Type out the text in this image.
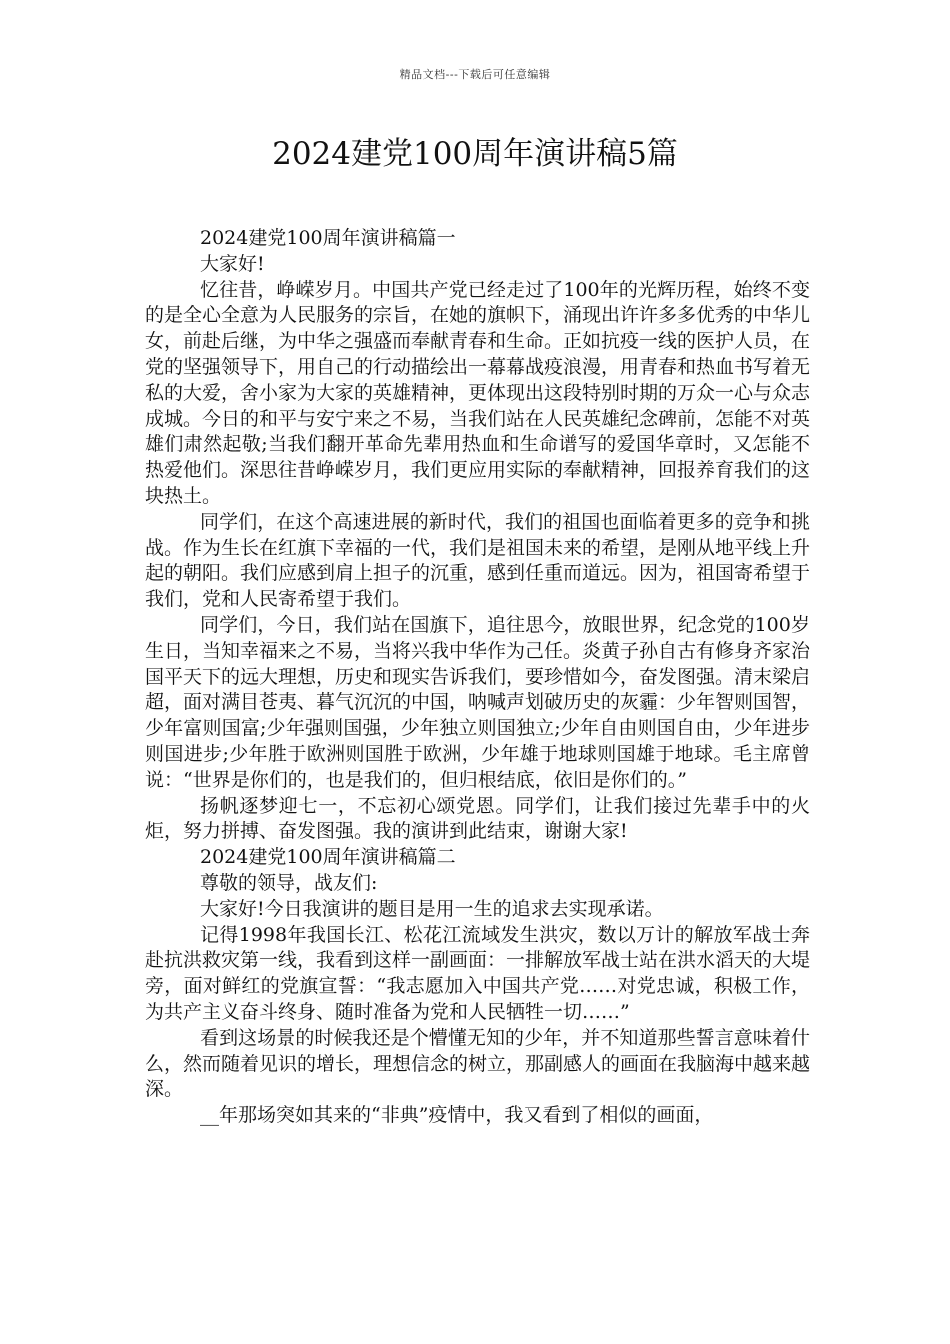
精品文档---下载后可任意编辑
2024建党100周年演讲稿5篇

2024建党100周年演讲稿篇一

大家好!

忆往昔，峥嵘岁月。中国共产党已经走过了100年的光辉历程，始终不变的是全心全意为人民服务的宗旨，在她的旗帜下，涌现出许许多多优秀的中华儿女，前赴后继，为中华之强盛而奉献青春和生命。正如抗疫一线的医护人员，在党的坚强领导下，用自己的行动描绘出一幕幕战疫浪漫，用青春和热血书写着无私的大爱，舍小家为大家的英雄精神，更体现出这段特别时期的万众一心与众志成城。今日的和平与安宁来之不易，当我们站在人民英雄纪念碑前，怎能不对英雄们肃然起敬;当我们翻开革命先辈用热血和生命谱写的爱国华章时，又怎能不热爱他们。深思往昔峥嵘岁月，我们更应用实际的奉献精神，回报养育我们的这块热土。

同学们，在这个高速进展的新时代，我们的祖国也面临着更多的竞争和挑战。作为生长在红旗下幸福的一代，我们是祖国未来的希望，是刚从地平线上升起的朝阳。我们应感到肩上担子的沉重，感到任重而道远。因为，祖国寄希望于我们，党和人民寄希望于我们。

同学们，今日，我们站在国旗下，追往思今，放眼世界，纪念党的100岁生日，当知幸福来之不易，当将兴我中华作为己任。炎黄子孙自古有修身齐家治国平天下的远大理想，历史和现实告诉我们，要珍惜如今，奋发图强。清末梁启超，面对满目苍夷、暮气沉沉的中国，呐喊声划破历史的灰霾：少年智则国智，少年富则国富;少年强则国强，少年独立则国独立;少年自由则国自由，少年进步则国进步;少年胜于欧洲则国胜于欧洲，少年雄于地球则国雄于地球。毛主席曾说：“世界是你们的，也是我们的，但归根结底，依旧是你们的。”

扬帆逐梦迎七一，不忘初心颂党恩。同学们，让我们接过先辈手中的火炬，努力拼搏、奋发图强。我的演讲到此结束，谢谢大家!

2024建党100周年演讲稿篇二

尊敬的领导，战友们:

大家好!今日我演讲的题目是用一生的追求去实现承诺。

记得1998年我国长江、松花江流域发生洪灾，数以万计的解放军战士奔赴抗洪救灾第一线，我看到这样一副画面：一排解放军战士站在洪水滔天的大堤旁，面对鲜红的党旗宣誓：“我志愿加入中国共产党……对党忠诚，积极工作，为共产主义奋斗终身、随时准备为党和人民牺牲一切……”

看到这场景的时候我还是个懵懂无知的少年，并不知道那些誓言意味着什么，然而随着见识的增长，理想信念的树立，那副感人的画面在我脑海中越来越深。

__年那场突如其来的“非典”疫情中，我又看到了相似的画面，
